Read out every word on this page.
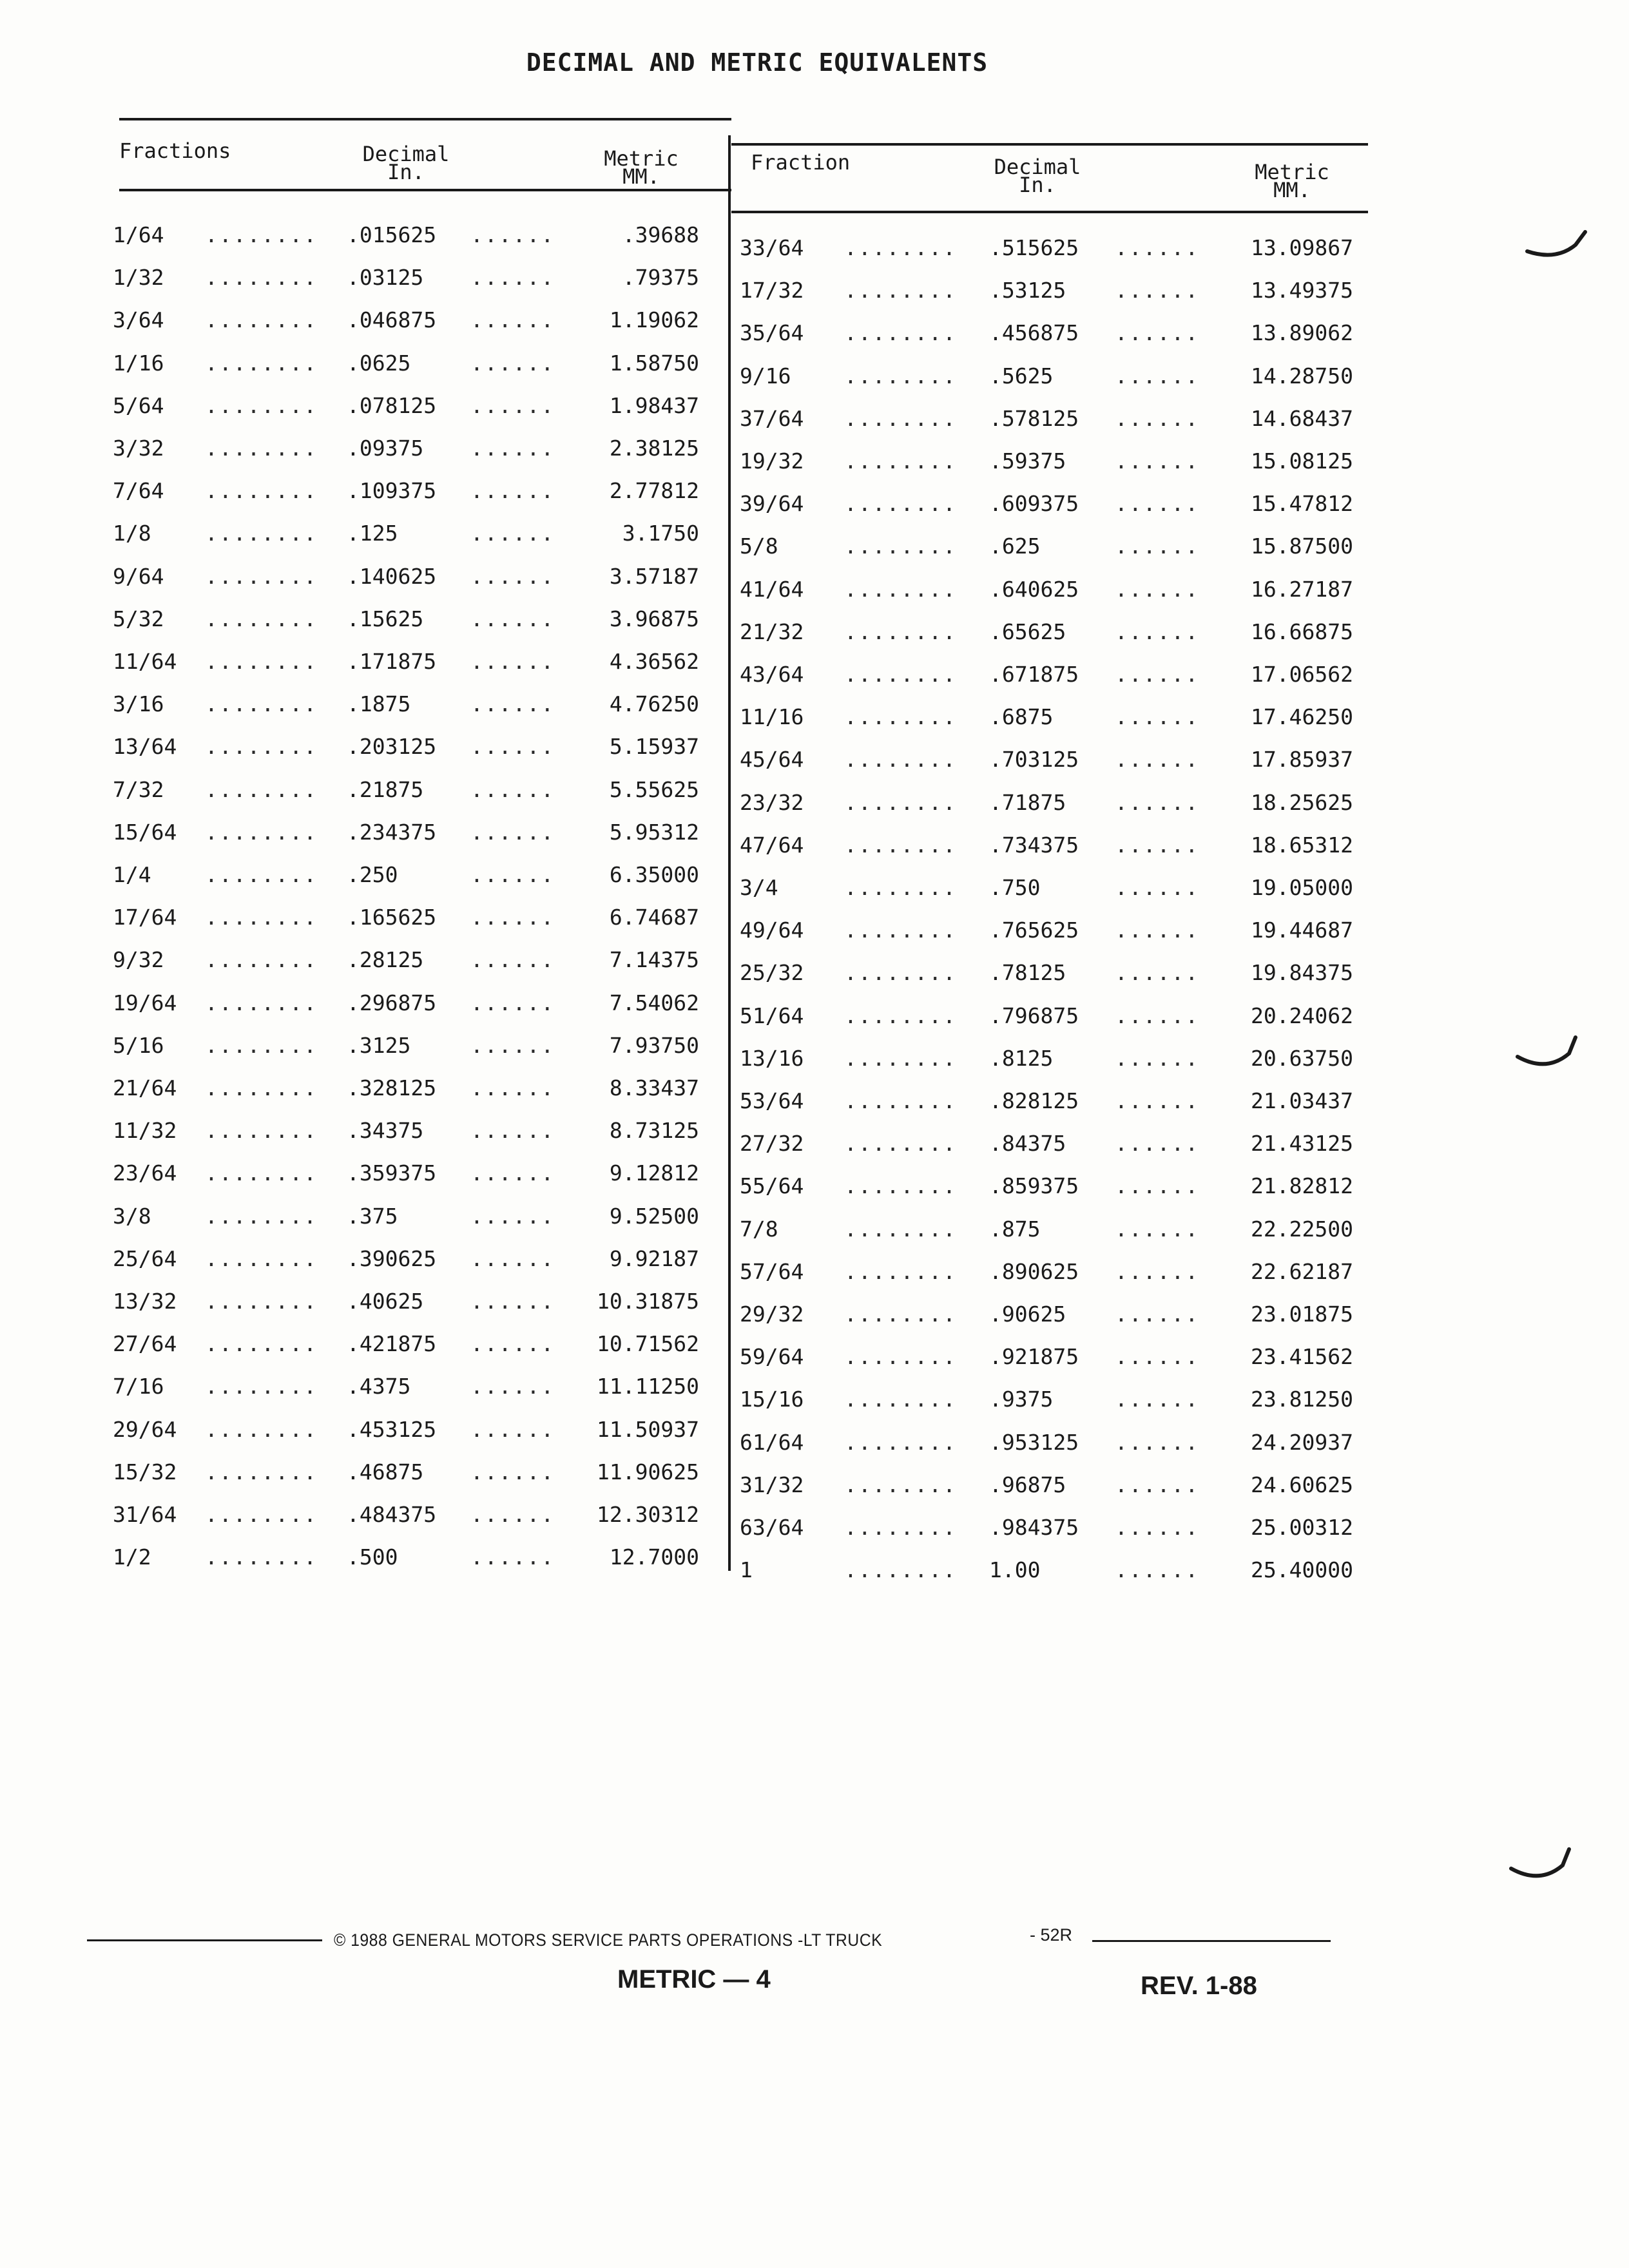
DECIMAL AND METRIC EQUIVALENTS
Fractions	Decimal
In.
Metric
MM.
Fraction	Decimal
In.
Metric
MM.
1/64	.015625	.39688
........	......
1/32	.03125	.79375
........	......
3/64	.046875	1.19062
........	......
1/16	.0625	1.58750
........	......
5/64	.078125	1.98437
........	......
3/32	.09375	2.38125
........	......
7/64	.109375	2.77812
........	......
1/8	.125	3.1750
........	......
9/64	.140625	3.57187
........	......
5/32	.15625	3.96875
........	......
11/64	.171875	4.36562
........	......
3/16	.1875	4.76250
........	......
13/64	.203125	5.15937
........	......
7/32	.21875	5.55625
........	......
15/64	.234375	5.95312
........	......
1/4	.250	6.35000
........	......
17/64	.165625	6.74687
........	......
9/32	.28125	7.14375
........	......
19/64	.296875	7.54062
........	......
5/16	.3125	7.93750
........	......
21/64	.328125	8.33437
........	......
11/32	.34375	8.73125
........	......
23/64	.359375	9.12812
........	......
3/8	.375	9.52500
........	......
25/64	.390625	9.92187
........	......
13/32	.40625	10.31875
........	......
27/64	.421875	10.71562
........	......
7/16	.4375	11.11250
........	......
29/64	.453125	11.50937
........	......
15/32	.46875	11.90625
........	......
31/64	.484375	12.30312
........	......
1/2	.500	12.7000
........	......
33/64	.515625	13.09867
........	......
17/32	.53125	13.49375
........	......
35/64	.456875	13.89062
........	......
9/16	.5625	14.28750
........	......
37/64	.578125	14.68437
........	......
19/32	.59375	15.08125
........	......
39/64	.609375	15.47812
........	......
5/8	.625	15.87500
........	......
41/64	.640625	16.27187
........	......
21/32	.65625	16.66875
........	......
43/64	.671875	17.06562
........	......
11/16	.6875	17.46250
........	......
45/64	.703125	17.85937
........	......
23/32	.71875	18.25625
........	......
47/64	.734375	18.65312
........	......
3/4	.750	19.05000
........	......
49/64	.765625	19.44687
........	......
25/32	.78125	19.84375
........	......
51/64	.796875	20.24062
........	......
13/16	.8125	20.63750
........	......
53/64	.828125	21.03437
........	......
27/32	.84375	21.43125
........	......
55/64	.859375	21.82812
........	......
7/8	.875	22.22500
........	......
57/64	.890625	22.62187
........	......
29/32	.90625	23.01875
........	......
59/64	.921875	23.41562
........	......
15/16	.9375	23.81250
........	......
61/64	.953125	24.20937
........	......
31/32	.96875	24.60625
........	......
63/64	.984375	25.00312
........	......
1	1.00	25.40000
........	......
© 1988 GENERAL MOTORS SERVICE PARTS OPERATIONS -LT TRUCK	- 52R
METRIC — 4	REV. 1-88
